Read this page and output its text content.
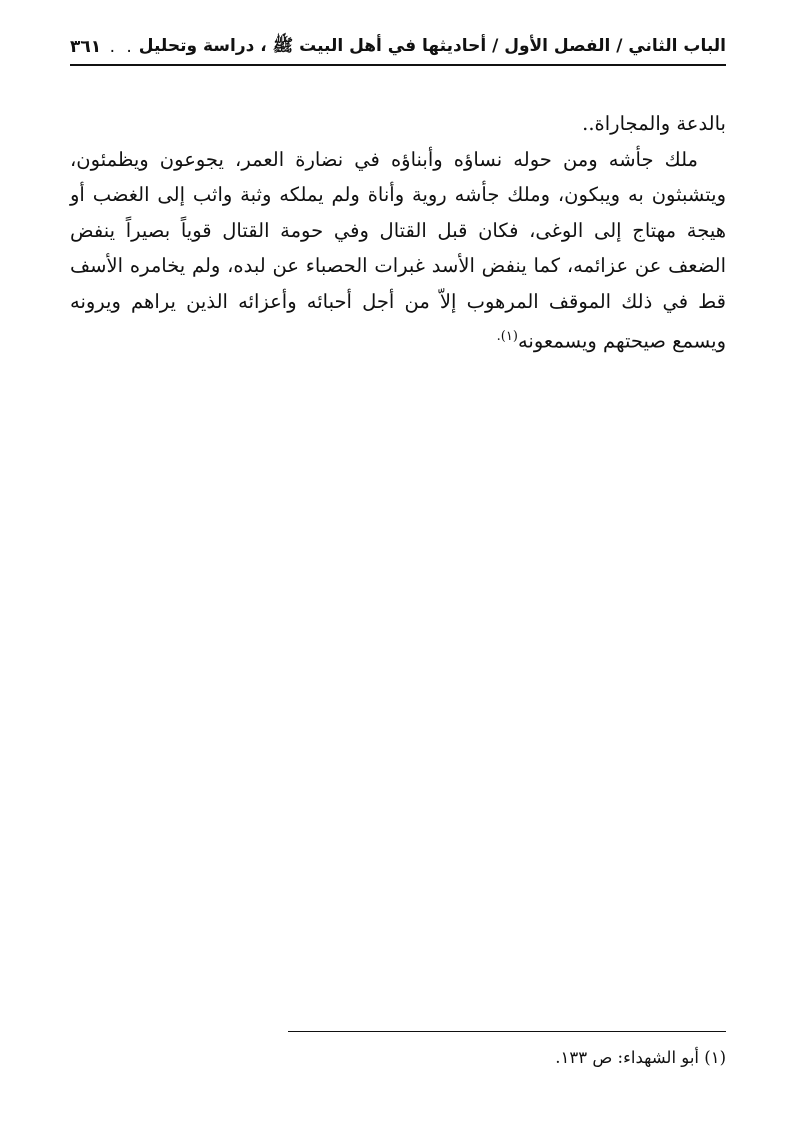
الباب الثاني / الفصل الأول / أحاديثها في أهل البيت ﷺ ، دراسة وتحليل
. . .
٣٦١

بالدعة والمجاراة..

ملك جأشه ومن حوله نساؤه وأبناؤه في نضارة العمر، يجوعون ويظمئون، ويتشبثون به ويبكون، وملك جأشه روية وأناة ولم يملكه وثبة واثب إلى الغضب أو هيجة مهتاج إلى الوغى، فكان قبل القتال وفي حومة القتال قوياً بصيراً ينفض الضعف عن عزائمه، كما ينفض الأسد غبرات الحصباء عن لبده، ولم يخامره الأسف قط في ذلك الموقف المرهوب إلاّ من أجل أحبائه وأعزائه الذين يراهم ويرونه ويسمع صيحتهم ويسمعونه$^{(١).}$

(١) أبو الشهداء: ص ١٣٣.
